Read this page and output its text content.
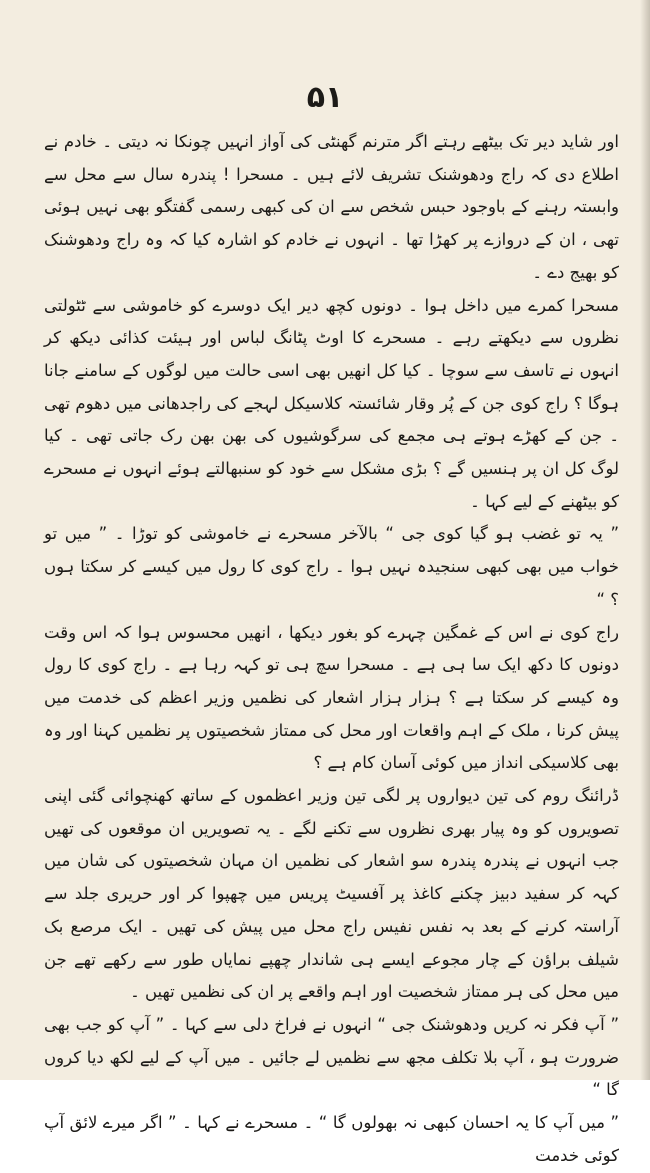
۵۱

اور شاید دیر تک بیٹھے رہتے اگر مترنم گھنٹی کی آواز انہیں چونکا نہ دیتی ۔ خادم نے اطلاع دی کہ راج ودھوشنک تشریف لائے ہیں ۔ مسحرا ! پندرہ سال سے محل سے وابستہ رہنے کے باوجود حبس شخص سے ان کی کبھی رسمی گفتگو بھی نہیں ہوئی تھی ، ان کے دروازے پر کھڑا تھا ۔ انہوں نے خادم کو اشارہ کیا کہ وہ راج ودھوشنک کو بھیج دے ۔

مسحرا کمرے میں داخل ہوا ۔ دونوں کچھ دیر ایک دوسرے کو خاموشی سے ٹٹولتی نظروں سے دیکھتے رہے ۔ مسحرے کا اوٹ پٹانگ لباس اور ہیئت کذائی دیکھ کر انہوں نے تاسف سے سوچا ۔ کیا کل انھیں بھی اسی حالت میں لوگوں کے سامنے جانا ہوگا ؟ راج کوی جن کے پُر وقار شائستہ کلاسیکل لہجے کی راجدھانی میں دھوم تھی ۔ جن کے کھڑے ہوتے ہی مجمع کی سرگوشیوں کی بھن بھن رک جاتی تھی ۔ کیا لوگ کل ان پر ہنسیں گے ؟ بڑی مشکل سے خود کو سنبھالتے ہوئے انہوں نے مسحرے کو بیٹھنے کے لیے کہا ۔

” یہ تو غضب ہو گیا کوی جی “ بالآخر مسحرے نے خاموشی کو توڑا ۔ ” میں تو خواب میں بھی کبھی سنجیدہ نہیں ہوا ۔ راج کوی کا رول میں کیسے کر سکتا ہوں ؟ “

راج کوی نے اس کے غمگین چہرے کو بغور دیکھا ، انھیں محسوس ہوا کہ اس وقت دونوں کا دکھ ایک سا ہی ہے ۔ مسحرا سچ ہی تو کہہ رہا ہے ۔ راج کوی کا رول وہ کیسے کر سکتا ہے ؟ ہزار ہزار اشعار کی نظمیں وزیر اعظم کی خدمت میں پیش کرنا ، ملک کے اہم واقعات اور محل کی ممتاز شخصیتوں پر نظمیں کہنا اور وہ بھی کلاسیکی انداز میں کوئی آسان کام ہے ؟

ڈرائنگ روم کی تین دیواروں پر لگی تین وزیر اعظموں کے ساتھ کھنچوائی گئی اپنی تصویروں کو وہ پیار بھری نظروں سے تکنے لگے ۔ یہ تصویریں ان موقعوں کی تھیں جب انہوں نے پندرہ پندرہ سو اشعار کی نظمیں ان مہان شخصیتوں کی شان میں کہہ کر سفید دبیز چکنے کاغذ پر آفسیٹ پریس میں چھپوا کر اور حریری جلد سے آراستہ کرنے کے بعد بہ نفس نفیس راج محل میں پیش کی تھیں ۔ ایک مرصع بک شیلف براؤن کے چار مجوعے ایسے ہی شاندار چھپے نمایاں طور سے رکھے تھے جن میں محل کی ہر ممتاز شخصیت اور اہم واقعے پر ان کی نظمیں تھیں ۔

” آپ فکر نہ کریں ودھوشنک جی “ انہوں نے فراخ دلی سے کہا ۔ ” آپ کو جب بھی ضرورت ہو ، آپ بلا تکلف مجھ سے نظمیں لے جائیں ۔ میں آپ کے لیے لکھ دیا کروں گا “

” میں آپ کا یہ احسان کبھی نہ بھولوں گا “ ۔ مسحرے نے کہا ۔ ” اگر میرے لائق آپ کوئی خدمت
